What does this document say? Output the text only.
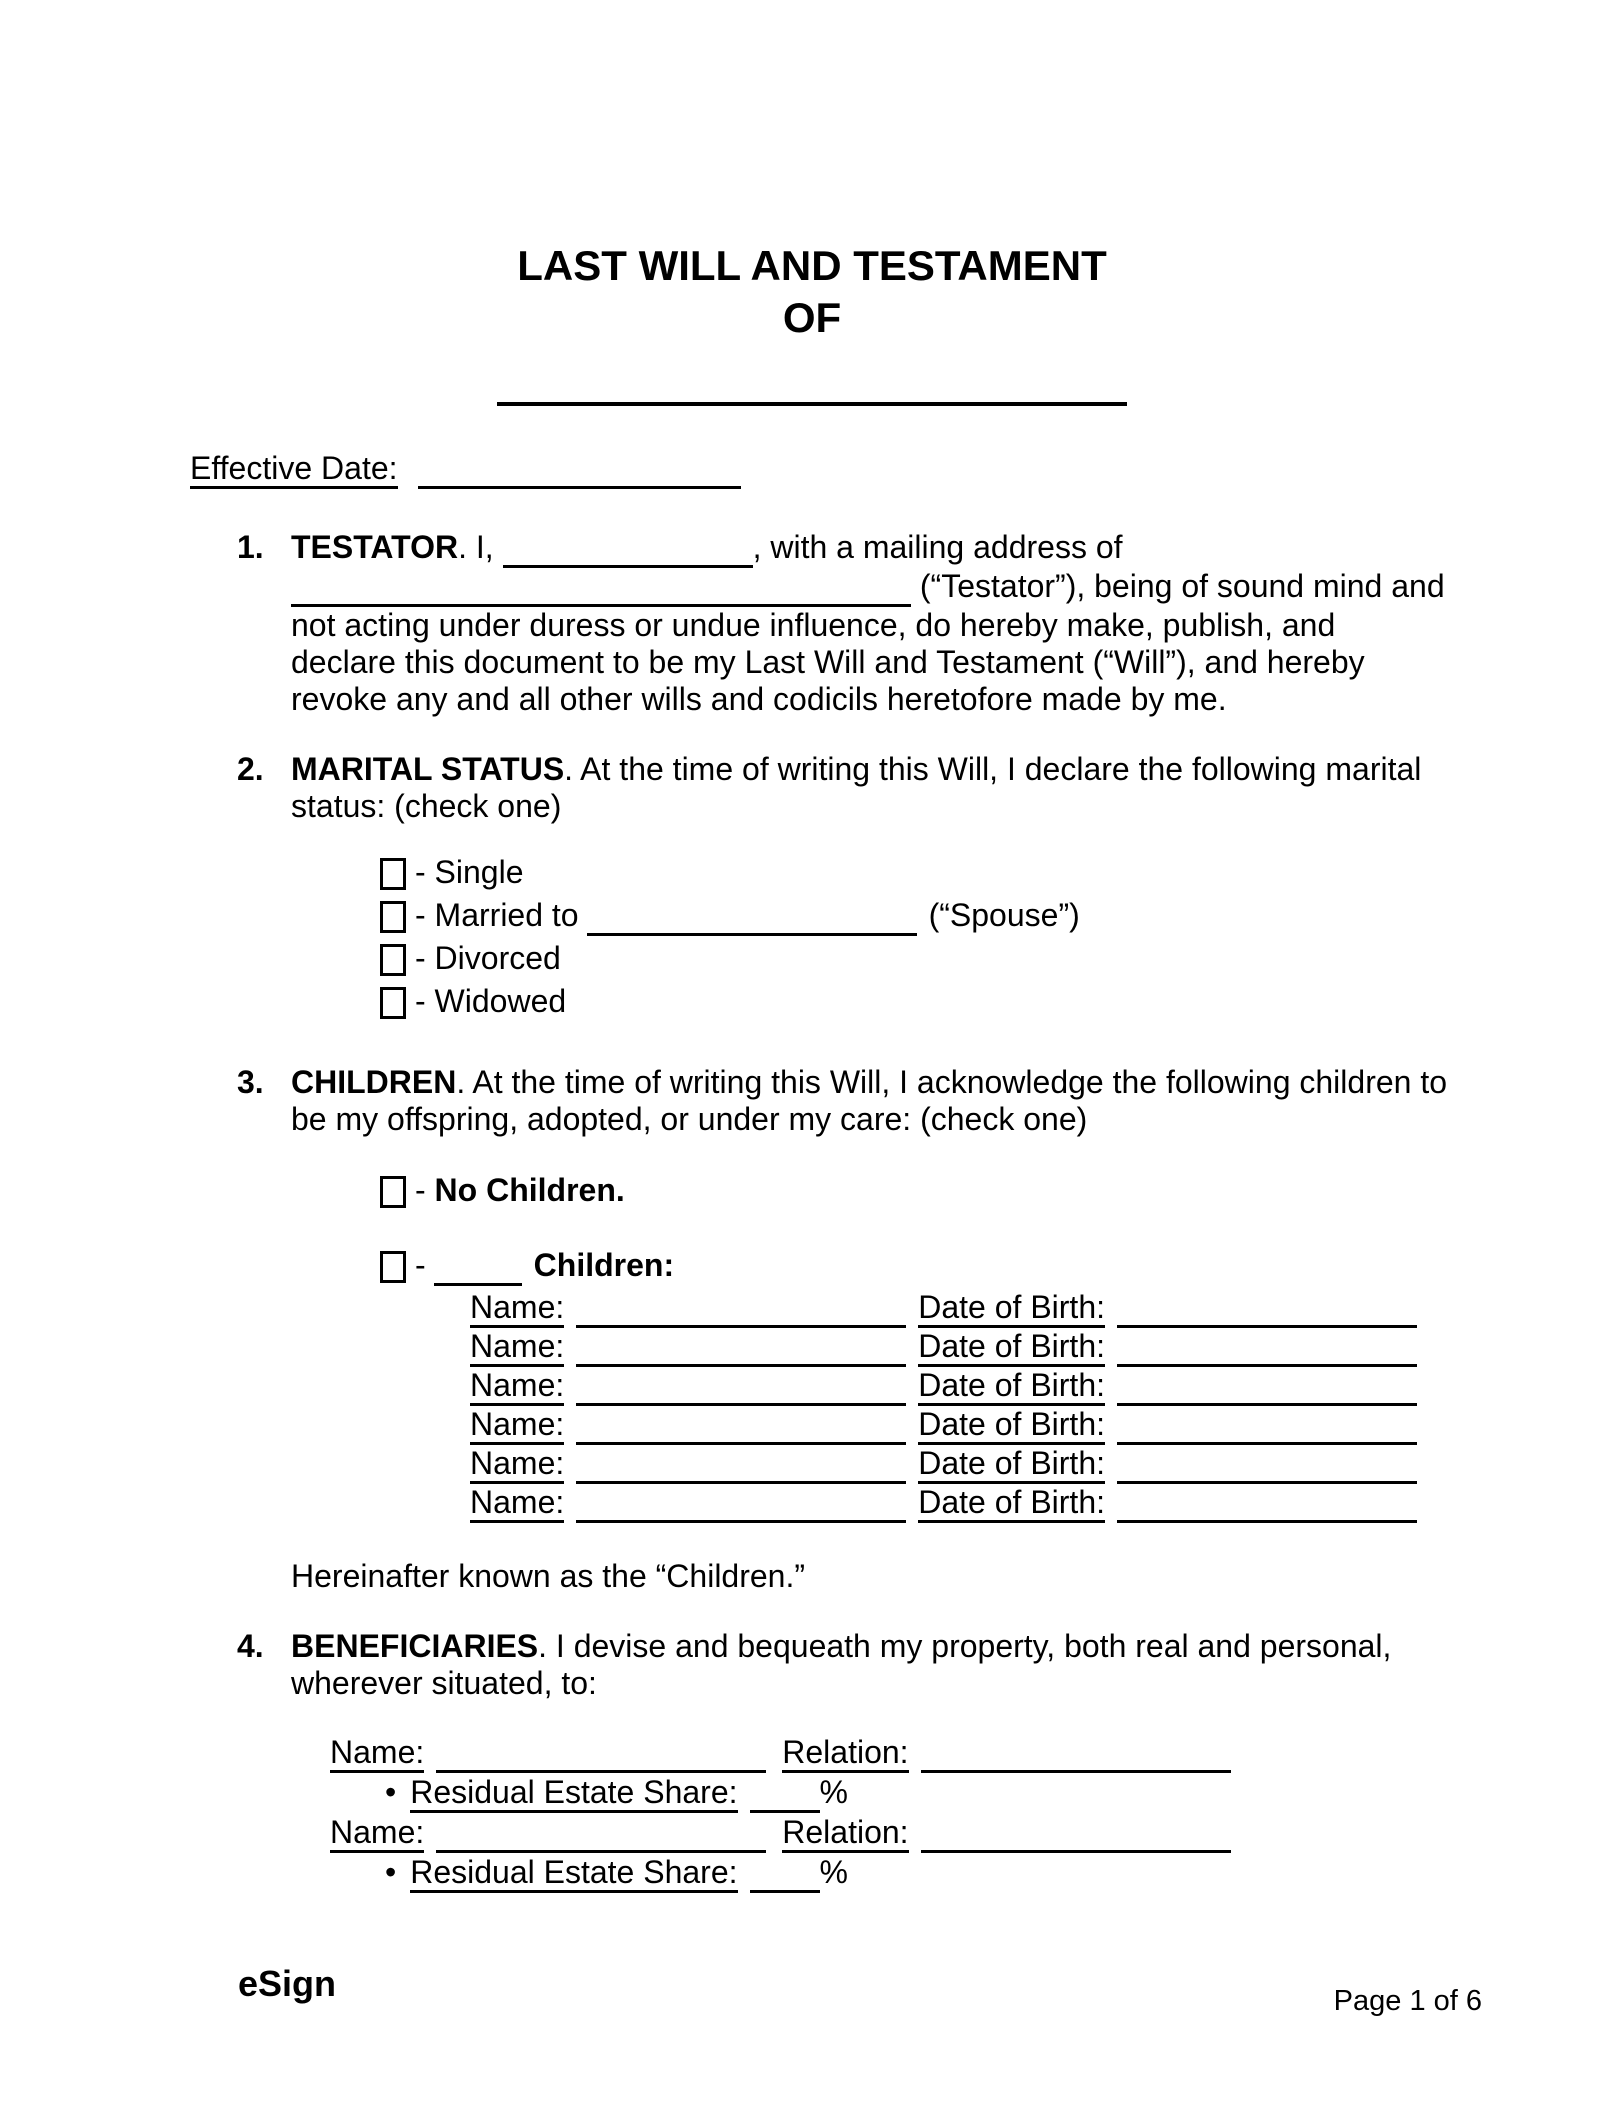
LAST WILL AND TESTAMENT
OF
Effective Date:
1. TESTATOR. I,	, with a mailing address of  (“Testator”), being of sound mind and not acting under duress or undue influence, do hereby make, publish, and declare this document to be my Last Will and Testament (“Will”), and hereby revoke any and all other wills and codicils heretofore made by me.

2. MARITAL STATUS. At the time of writing this Will, I declare the following marital status: (check one)

- Single
- Married to	(“Spouse”)
- Divorced
- Widowed
3. CHILDREN. At the time of writing this Will, I acknowledge the following children to be my offspring, adopted, or under my care: (check one)

- No Children.
-	Children:
Name:	Date of Birth:
Name:	Date of Birth:
Name:	Date of Birth:
Name:	Date of Birth:
Name:	Date of Birth:
Name:	Date of Birth:

Hereinafter known as the “Children.”

4. BENEFICIARIES. I devise and bequeath my property, both real and personal, wherever situated, to:

Name:	Relation:
• Residual Estate Share:	%
Name:	Relation:
• Residual Estate Share:	%
eSign	Page 1 of 6
